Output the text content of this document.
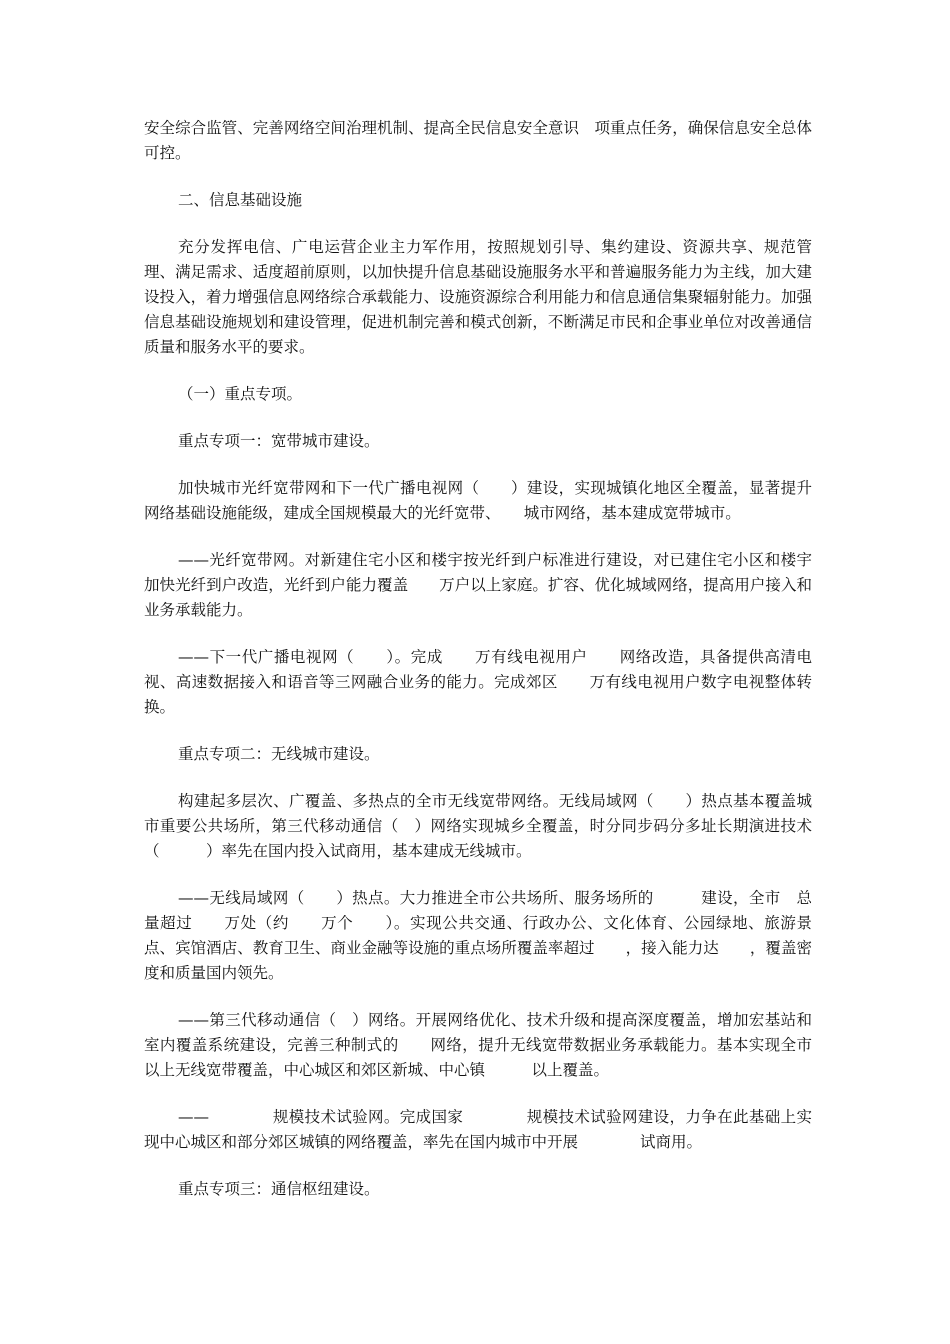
安全综合监管、完善网络空间治理机制、提高全民信息安全意识　项重点任务，确保信息安全总体可控。

二、信息基础设施

充分发挥电信、广电运营企业主力军作用，按照规划引导、集约建设、资源共享、规范管理、满足需求、适度超前原则，以加快提升信息基础设施服务水平和普遍服务能力为主线，加大建设投入，着力增强信息网络综合承载能力、设施资源综合利用能力和信息通信集聚辐射能力。加强信息基础设施规划和建设管理，促进机制完善和模式创新，不断满足市民和企事业单位对改善通信质量和服务水平的要求。

（一）重点专项。

重点专项一：宽带城市建设。

加快城市光纤宽带网和下一代广播电视网（　　）建设，实现城镇化地区全覆盖，显著提升网络基础设施能级，建成全国规模最大的光纤宽带、　　城市网络，基本建成宽带城市。

——光纤宽带网。对新建住宅小区和楼宇按光纤到户标准进行建设，对已建住宅小区和楼宇加快光纤到户改造，光纤到户能力覆盖　　万户以上家庭。扩容、优化城域网络，提高用户接入和业务承载能力。

——下一代广播电视网（　　）。完成　　万有线电视用户　　网络改造，具备提供高清电视、高速数据接入和语音等三网融合业务的能力。完成郊区　　万有线电视用户数字电视整体转换。

重点专项二：无线城市建设。

构建起多层次、广覆盖、多热点的全市无线宽带网络。无线局域网（　　）热点基本覆盖城市重要公共场所，第三代移动通信（　）网络实现城乡全覆盖，时分同步码分多址长期演进技术（　　　）率先在国内投入试商用，基本建成无线城市。

——无线局域网（　　）热点。大力推进全市公共场所、服务场所的　　　建设，全市　总量超过　　万处（约　　万个　　）。实现公共交通、行政办公、文化体育、公园绿地、旅游景点、宾馆酒店、教育卫生、商业金融等设施的重点场所覆盖率超过　　，接入能力达　　，覆盖密度和质量国内领先。

——第三代移动通信（　）网络。开展网络优化、技术升级和提高深度覆盖，增加宏基站和室内覆盖系统建设，完善三种制式的　　网络，提升无线宽带数据业务承载能力。基本实现全市　　　以上无线宽带覆盖，中心城区和郊区新城、中心镇　　　以上覆盖。

——　　　　规模技术试验网。完成国家　　　　规模技术试验网建设，力争在此基础上实现中心城区和部分郊区城镇的网络覆盖，率先在国内城市中开展　　　　试商用。

重点专项三：通信枢纽建设。
